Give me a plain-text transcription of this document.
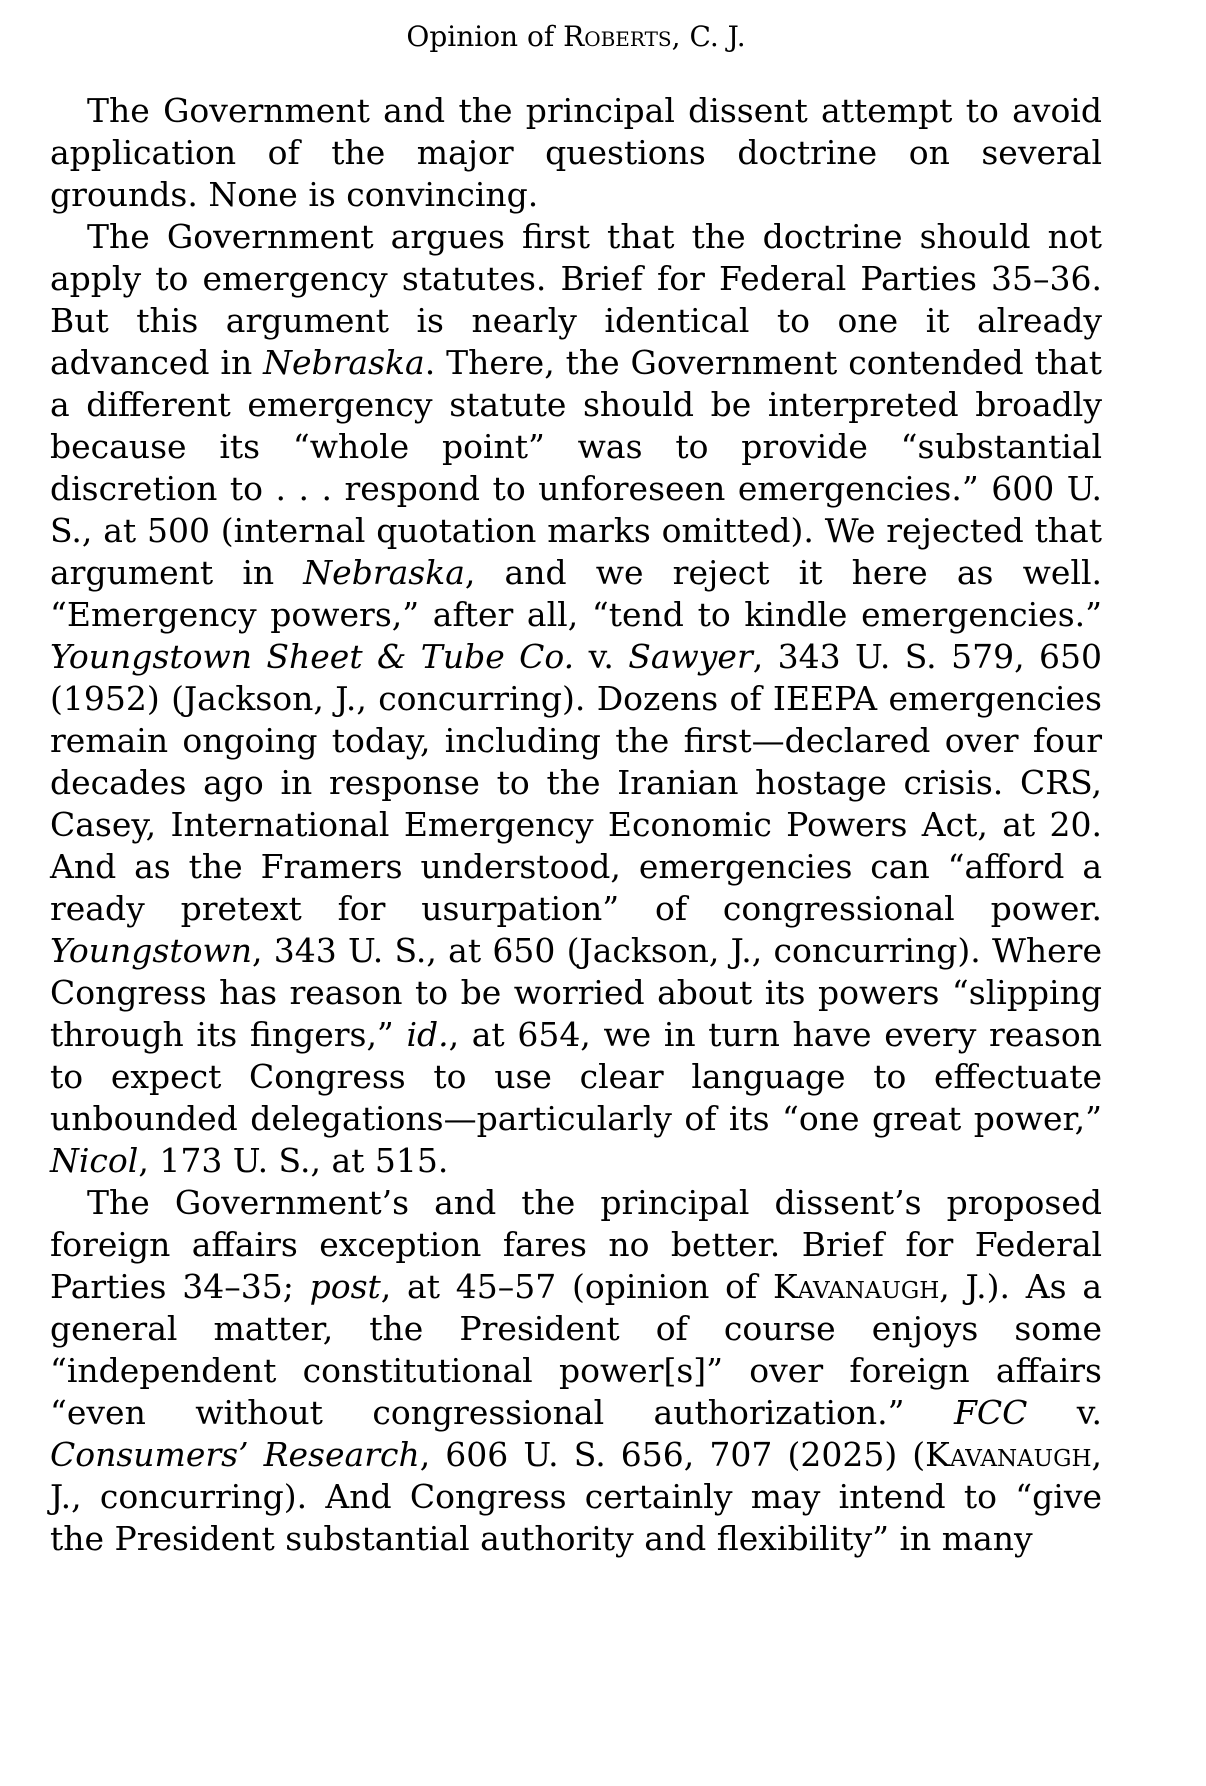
Opinion of Roberts, C. J.

The Government and the principal dissent attempt to avoid application of the major questions doctrine on several grounds. None is convincing.

The Government argues first that the doctrine should not apply to emergency statutes. Brief for Federal Parties 35–36. But this argument is nearly identical to one it already advanced in Nebraska. There, the Government contended that a different emergency statute should be interpreted broadly because its “whole point” was to provide “substantial discretion to . . . respond to unforeseen emergencies.” 600 U. S., at 500 (internal quotation marks omitted). We rejected that argument in Nebraska, and we reject it here as well. “Emergency powers,” after all, “tend to kindle emergencies.” Youngstown Sheet & Tube Co. v. Sawyer, 343 U. S. 579, 650 (1952) (Jackson, J., concurring). Dozens of IEEPA emergencies remain ongoing today, including the first—declared over four decades ago in response to the Iranian hostage crisis. CRS, Casey, International Emergency Economic Powers Act, at 20. And as the Framers understood, emergencies can “afford a ready pretext for usurpation” of congressional power. Youngstown, 343 U. S., at 650 (Jackson, J., concurring). Where Congress has reason to be worried about its powers “slipping through its fingers,” id., at 654, we in turn have every reason to expect Congress to use clear language to effectuate unbounded delegations—particularly of its “one great power,” Nicol, 173 U. S., at 515.

The Government’s and the principal dissent’s proposed foreign affairs exception fares no better. Brief for Federal Parties 34–35; post, at 45–57 (opinion of Kavanaugh, J.). As a general matter, the President of course enjoys some “independent constitutional power[s]” over foreign affairs “even without congressional authorization.” FCC v. Consumers’ Research, 606 U. S. 656, 707 (2025) (Kavanaugh, J., concurring). And Congress certainly may intend to “give the President substantial authority and flexibility” in many
